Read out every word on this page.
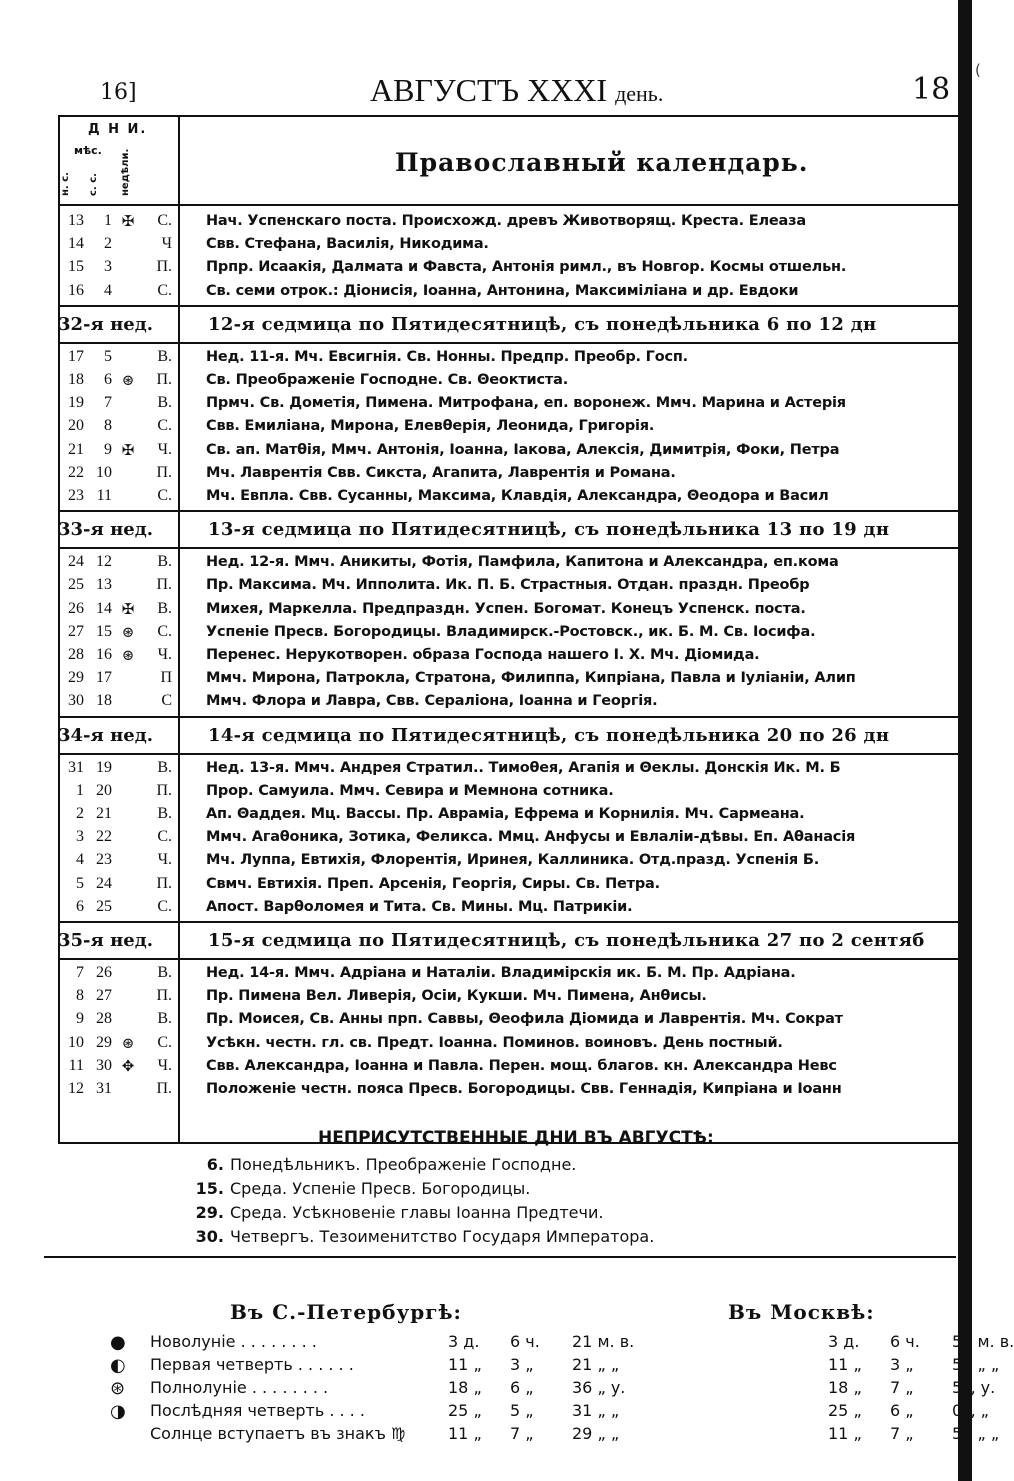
(
16]	АВГУСТЪ XXXI день.	18
Д Н И.
мѣс.
н. с. с. с. недѣли.	Православный календарь.
13	1 ✠	С. Нач. Успенскаго поста. Происхожд. древъ Животворящ. Креста. Елеаза
14	2	Ч Свв. Стефана, Василія, Никодима.
15	3	П. Прпр. Исаакія, Далмата и Фавста, Антонія римл., въ Новгор. Космы отшельн.
16	4	С. Св. семи отрок.: Діонисія, Іоанна, Антонина, Максиміліана и др. Евдоки
32-я нед.	12-я седмица по Пятидесятницѣ, съ понедѣльника 6 по 12 дн
17	5	В. Нед. 11-я. Мч. Евсигнія. Св. Нонны. Предпр. Преобр. Госп.
18	6 ⊛	П. Св. Преображеніе Господне. Св. Θеоктиста.
19	7	В. Прмч. Св. Дометія, Пимена. Митрофана, еп. воронеж. Ммч. Марина и Астерія
20	8	С. Свв. Емиліана, Мирона, Елевθерія, Леонида, Григорія.
21	9 ✠	Ч. Св. ап. Матθія, Ммч. Антонія, Іоанна, Іакова, Алексія, Димитрія, Фоки, Петра
22 10	П. Мч. Лаврентія Свв. Сикста, Агапита, Лаврентія и Романа.
23 11	С. Мч. Евпла. Свв. Сусанны, Максима, Клавдія, Александра, Θеодора и Васил
33-я нед.	13-я седмица по Пятидесятницѣ, съ понедѣльника 13 по 19 дн
24 12	В. Нед. 12-я. Ммч. Аникиты, Фотія, Памфила, Капитона и Александра, еп.кома
25 13	П. Пр. Максима. Мч. Ипполита. Ик. П. Б. Страстныя. Отдан. праздн. Преобр
26 14 ✠	В. Михея, Маркелла. Предпраздн. Успен. Богомат. Конецъ Успенск. поста.
27 15 ⊛	С. Успеніе Пресв. Богородицы. Владимирск.-Ростовск., ик. Б. М. Св. Іосифа.
28 16 ⊛	Ч. Перенес. Нерукотворен. образа Господа нашего І. Х. Мч. Діомида.
29 17	П Ммч. Мирона, Патрокла, Стратона, Филиппа, Кипріана, Павла и Іуліаніи, Алип
30 18	С Ммч. Флора и Лавра, Свв. Сераліона, Іоанна и Георгія.
34-я нед.	14-я седмица по Пятидесятницѣ, съ понедѣльника 20 по 26 дн
31 19	В. Нед. 13-я. Ммч. Андрея Стратил.. Тимоθея, Агапія и Θеклы. Донскія Ик. М. Б
1 20	П. Прор. Самуила. Ммч. Севира и Мемнона сотника.
2 21	В. Ап. Θаддея. Мц. Вассы. Пр. Авраміа, Ефрема и Корнилія. Мч. Сармеана.
3 22	С. Ммч. Агаθоника, Зотика, Феликса. Ммц. Анфусы и Евлаліи-дѣвы. Еп. Аθанасія
4 23	Ч. Мч. Луппа, Евтихія, Флорентія, Иринея, Каллиника. Отд.празд. Успенія Б.
5 24	П. Свмч. Евтихія. Преп. Арсенія, Георгія, Сиры. Св. Петра.
6 25	С. Апост. Варθоломея и Тита. Св. Мины. Мц. Патрикіи.
35-я нед.	15-я седмица по Пятидесятницѣ, съ понедѣльника 27 по 2 сентяб
7 26	В. Нед. 14-я. Ммч. Адріана и Наталіи. Владимірскія ик. Б. М. Пр. Адріана.
8 27	П. Пр. Пимена Вел. Ливерія, Осіи, Кукши. Мч. Пимена, Анθисы.
9 28	В. Пр. Моисея, Св. Анны прп. Саввы, Θеофила Діомида и Лаврентія. Мч. Сократ
10 29 ⊛	С. Усѣкн. честн. гл. св. Предт. Іоанна. Поминов. воиновъ. День постный.
11 30 ✥	Ч. Свв. Александра, Іоанна и Павла. Перен. мощ. благов. кн. Александра Невс
12 31	П. Положеніе честн. пояса Пресв. Богородицы. Свв. Геннадія, Кипріана и Іоанн
НЕПРИСУТСТВЕННЫЕ ДНИ ВЪ АВГУСТѢ:
6. Понедѣльникъ. Преображеніе Господне.
15. Среда. Успеніе Пресв. Богородицы.
29. Среда. Усѣкновеніе главы Іоанна Предтечи.
30. Четвергъ. Тезоименитство Государя Императора.
Въ С.-Петербургѣ:	Въ Москвѣ:
●	Новолуніе . . . . . . . .	3 д. 6 ч. 21 м. в.	3 д. 6 ч. 50 м. в.
◐	Первая четверть . . . . . .	11 „ 3 „ 21 „ „	11 „ 3 „ 50 „ „
⊛	Полнолуніе . . . . . . . .	18 „ 6 „ 36 „ у.	18 „ 7 „ 5 „ у.
◑	Послѣдняя четверть . . . .	25 „ 5 „ 31 „ „	25 „ 6 „ 0 „ „
Солнце вступаетъ въ знакъ ♍	11 „ 7 „ 29 „ „	11 „ 7 „ 58 „ „
